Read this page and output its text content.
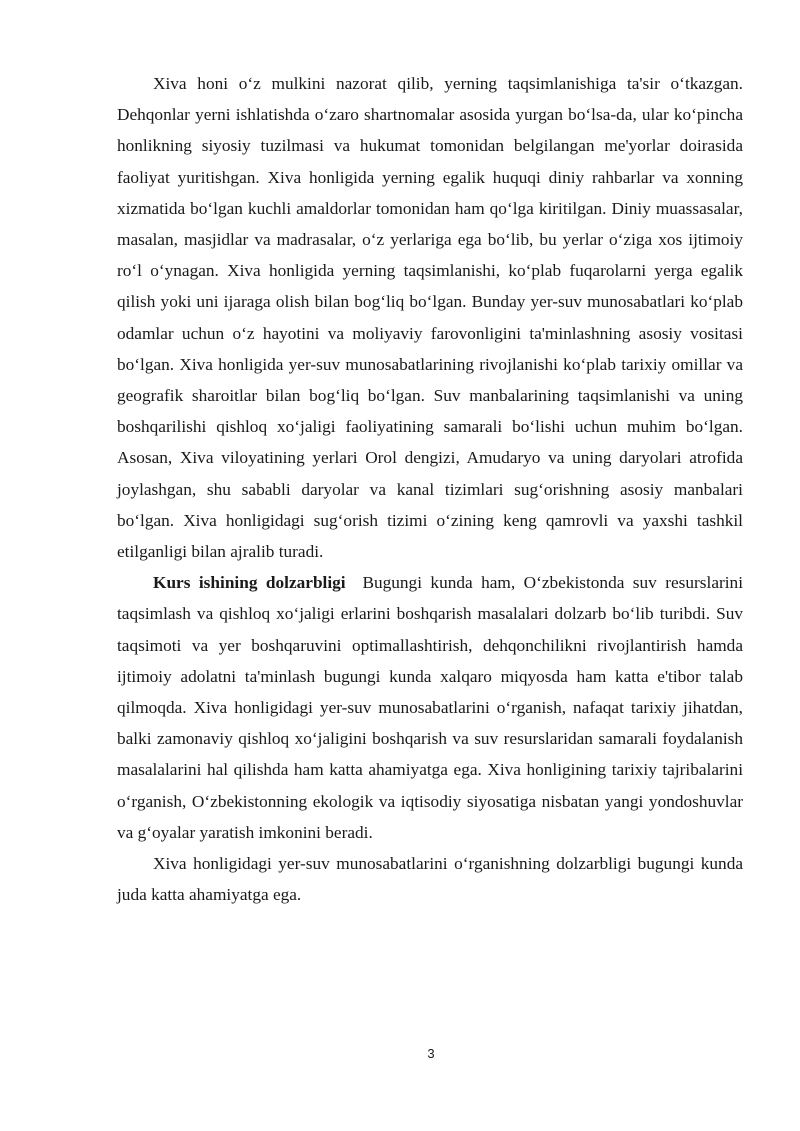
Xiva honi o‘z mulkini nazorat qilib, yerning taqsimlanishiga ta'sir o‘tkazgan. Dehqonlar yerni ishlatishda o‘zaro shartnomalar asosida yurgan bo‘lsa-da, ular ko‘pincha honlikning siyosiy tuzilmasi va hukumat tomonidan belgilangan me'yorlar doirasida faoliyat yuritishgan. Xiva honligida yerning egalik huquqi diniy rahbarlar va xonning xizmatida bo‘lgan kuchli amaldorlar tomonidan ham qo‘lga kiritilgan. Diniy muassasalar, masalan, masjidlar va madrasalar, o‘z yerlariga ega bo‘lib, bu yerlar o‘ziga xos ijtimoiy ro‘l o‘ynagan. Xiva honligida yerning taqsimlanishi, ko‘plab fuqarolarni yerga egalik qilish yoki uni ijaraga olish bilan bog‘liq bo‘lgan. Bunday yer-suv munosabatlari ko‘plab odamlar uchun o‘z hayotini va moliyaviy farovonligini ta'minlashning asosiy vositasi bo‘lgan. Xiva honligida yer-suv munosabatlarining rivojlanishi ko‘plab tarixiy omillar va geografik sharoitlar bilan bog‘liq bo‘lgan. Suv manbalarining taqsimlanishi va uning boshqarilishi qishloq xo‘jaligi faoliyatining samarali bo‘lishi uchun muhim bo‘lgan. Asosan, Xiva viloyatining yerlari Orol dengizi, Amudaryo va uning daryolari atrofida joylashgan, shu sababli daryolar va kanal tizimlari sug‘orishning asosiy manbalari bo‘lgan. Xiva honligidagi sug‘orish tizimi o‘zining keng qamrovli va yaxshi tashkil etilganligi bilan ajralib turadi.

Kurs ishining dolzarbligi  Bugungi kunda ham, O‘zbekistonda suv resurslarini taqsimlash va qishloq xo‘jaligi erlarini boshqarish masalalari dolzarb bo‘lib turibdi. Suv taqsimoti va yer boshqaruvini optimallashtirish, dehqonchilikni rivojlantirish hamda ijtimoiy adolatni ta'minlash bugungi kunda xalqaro miqyosda ham katta e'tibor talab qilmoqda. Xiva honligidagi yer-suv munosabatlarini o‘rganish, nafaqat tarixiy jihatdan, balki zamonaviy qishloq xo‘jaligini boshqarish va suv resurslaridan samarali foydalanish masalalarini hal qilishda ham katta ahamiyatga ega. Xiva honligining tarixiy tajribalarini o‘rganish, O‘zbekistonning ekologik va iqtisodiy siyosatiga nisbatan yangi yondoshuvlar va g‘oyalar yaratish imkonini beradi.

Xiva honligidagi yer-suv munosabatlarini o‘rganishning dolzarbligi bugungi kunda juda katta ahamiyatga ega.

3
